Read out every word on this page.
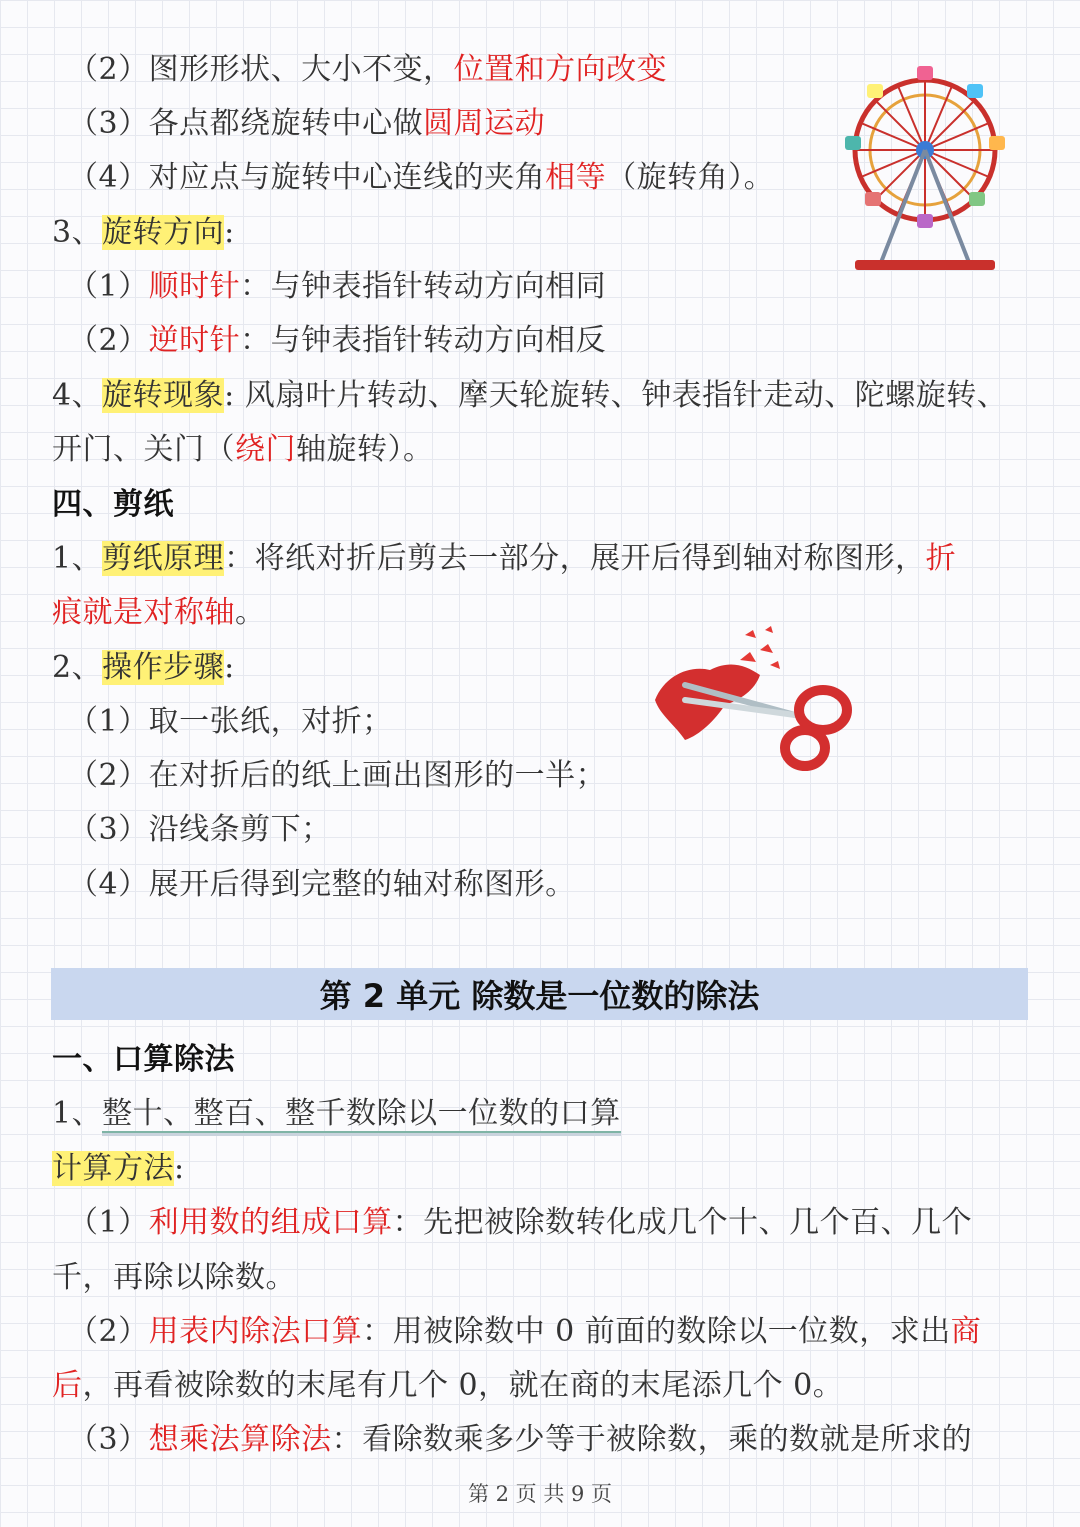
（2）图形形状、大小不变，位置和方向改变
（3）各点都绕旋转中心做圆周运动
（4）对应点与旋转中心连线的夹角相等（旋转角）。
3、旋转方向:
（1）顺时针：与钟表指针转动方向相同
（2）逆时针：与钟表指针转动方向相反
4、旋转现象: 风扇叶片转动、摩天轮旋转、钟表指针走动、陀螺旋转、
开门、关门（绕门轴旋转）。
四、剪纸
1、剪纸原理：将纸对折后剪去一部分，展开后得到轴对称图形，折
痕就是对称轴。
2、操作步骤:
（1）取一张纸，对折；
（2）在对折后的纸上画出图形的一半；
（3）沿线条剪下；
（4）展开后得到完整的轴对称图形。
第 2 单元 除数是一位数的除法
一、口算除法
1、整十、整百、整千数除以一位数的口算
计算方法:
（1）利用数的组成口算：先把被除数转化成几个十、几个百、几个
千，再除以除数。
（2）用表内除法口算：用被除数中 0 前面的数除以一位数，求出商
后，再看被除数的末尾有几个 0，就在商的末尾添几个 0。
（3）想乘法算除法：看除数乘多少等于被除数，乘的数就是所求的
第 2 页 共 9 页
